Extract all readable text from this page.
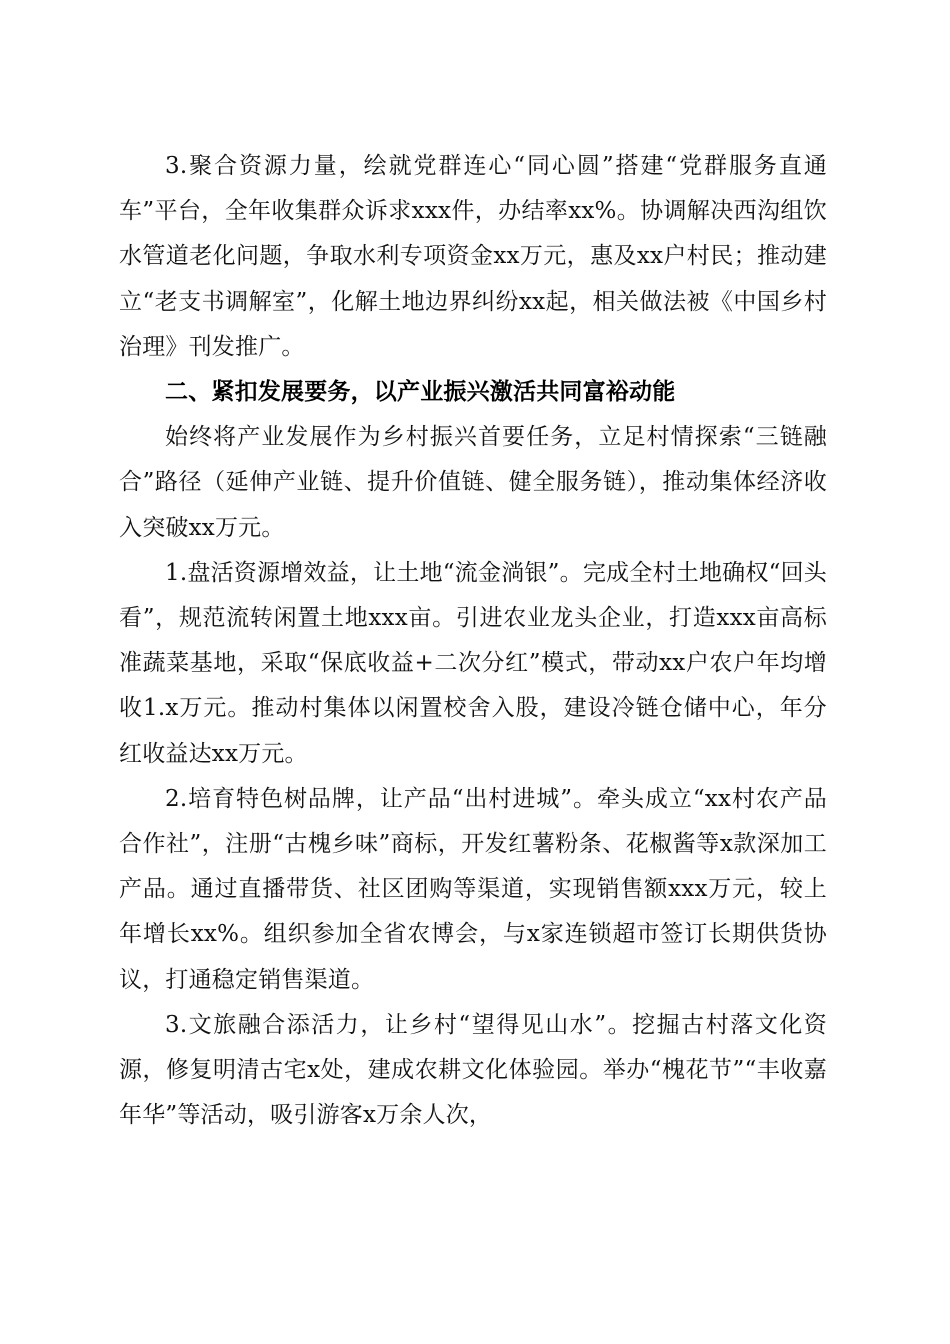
3.聚合资源力量，绘就党群连心“同心圆”搭建“党群服务直通车”平台，全年收集群众诉求xxx件，办结率xx%。协调解决西沟组饮水管道老化问题，争取水利专项资金xx万元，惠及xx户村民；推动建立“老支书调解室”，化解土地边界纠纷xx起，相关做法被《中国乡村治理》刊发推广。

二、紧扣发展要务，以产业振兴激活共同富裕动能

始终将产业发展作为乡村振兴首要任务，立足村情探索“三链融合”路径（延伸产业链、提升价值链、健全服务链），推动集体经济收入突破xx万元。

1.盘活资源增效益，让土地“流金淌银”。完成全村土地确权“回头看”，规范流转闲置土地xxx亩。引进农业龙头企业，打造xxx亩高标准蔬菜基地，采取“保底收益+二次分红”模式，带动xx户农户年均增收1.x万元。推动村集体以闲置校舍入股，建设冷链仓储中心，年分红收益达xx万元。

2.培育特色树品牌，让产品“出村进城”。牵头成立“xx村农产品合作社”，注册“古槐乡味”商标，开发红薯粉条、花椒酱等x款深加工产品。通过直播带货、社区团购等渠道，实现销售额xxx万元，较上年增长xx%。组织参加全省农博会，与x家连锁超市签订长期供货协议，打通稳定销售渠道。

3.文旅融合添活力，让乡村“望得见山水”。挖掘古村落文化资源，修复明清古宅x处，建成农耕文化体验园。举办“槐花节”“丰收嘉年华”等活动，吸引游客x万余人次，
